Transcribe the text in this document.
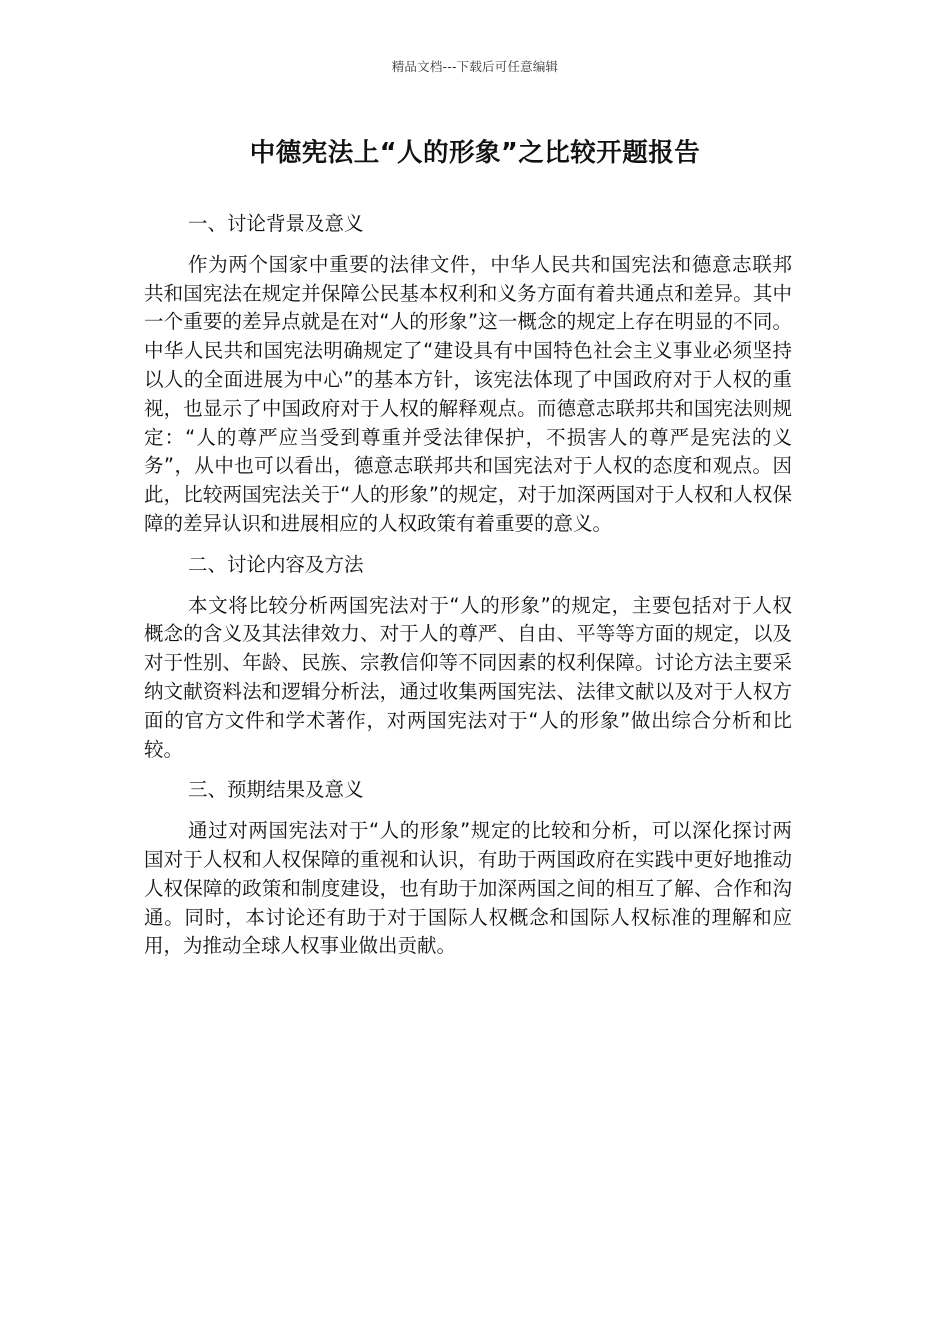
精品文档---下载后可任意编辑
中德宪法上“人的形象”之比较开题报告
一、讨论背景及意义

作为两个国家中重要的法律文件，中华人民共和国宪法和德意志联邦共和国宪法在规定并保障公民基本权利和义务方面有着共通点和差异。其中一个重要的差异点就是在对“人的形象”这一概念的规定上存在明显的不同。中华人民共和国宪法明确规定了“建设具有中国特色社会主义事业必须坚持以人的全面进展为中心”的基本方针，该宪法体现了中国政府对于人权的重视，也显示了中国政府对于人权的解释观点。而德意志联邦共和国宪法则规定：“人的尊严应当受到尊重并受法律保护，不损害人的尊严是宪法的义务”，从中也可以看出，德意志联邦共和国宪法对于人权的态度和观点。因此，比较两国宪法关于“人的形象”的规定，对于加深两国对于人权和人权保障的差异认识和进展相应的人权政策有着重要的意义。

二、讨论内容及方法

本文将比较分析两国宪法对于“人的形象”的规定，主要包括对于人权概念的含义及其法律效力、对于人的尊严、自由、平等等方面的规定，以及对于性别、年龄、民族、宗教信仰等不同因素的权利保障。讨论方法主要采纳文献资料法和逻辑分析法，通过收集两国宪法、法律文献以及对于人权方面的官方文件和学术著作，对两国宪法对于“人的形象”做出综合分析和比较。

三、预期结果及意义

通过对两国宪法对于“人的形象”规定的比较和分析，可以深化探讨两国对于人权和人权保障的重视和认识，有助于两国政府在实践中更好地推动人权保障的政策和制度建设，也有助于加深两国之间的相互了解、合作和沟通。同时，本讨论还有助于对于国际人权概念和国际人权标准的理解和应用，为推动全球人权事业做出贡献。
